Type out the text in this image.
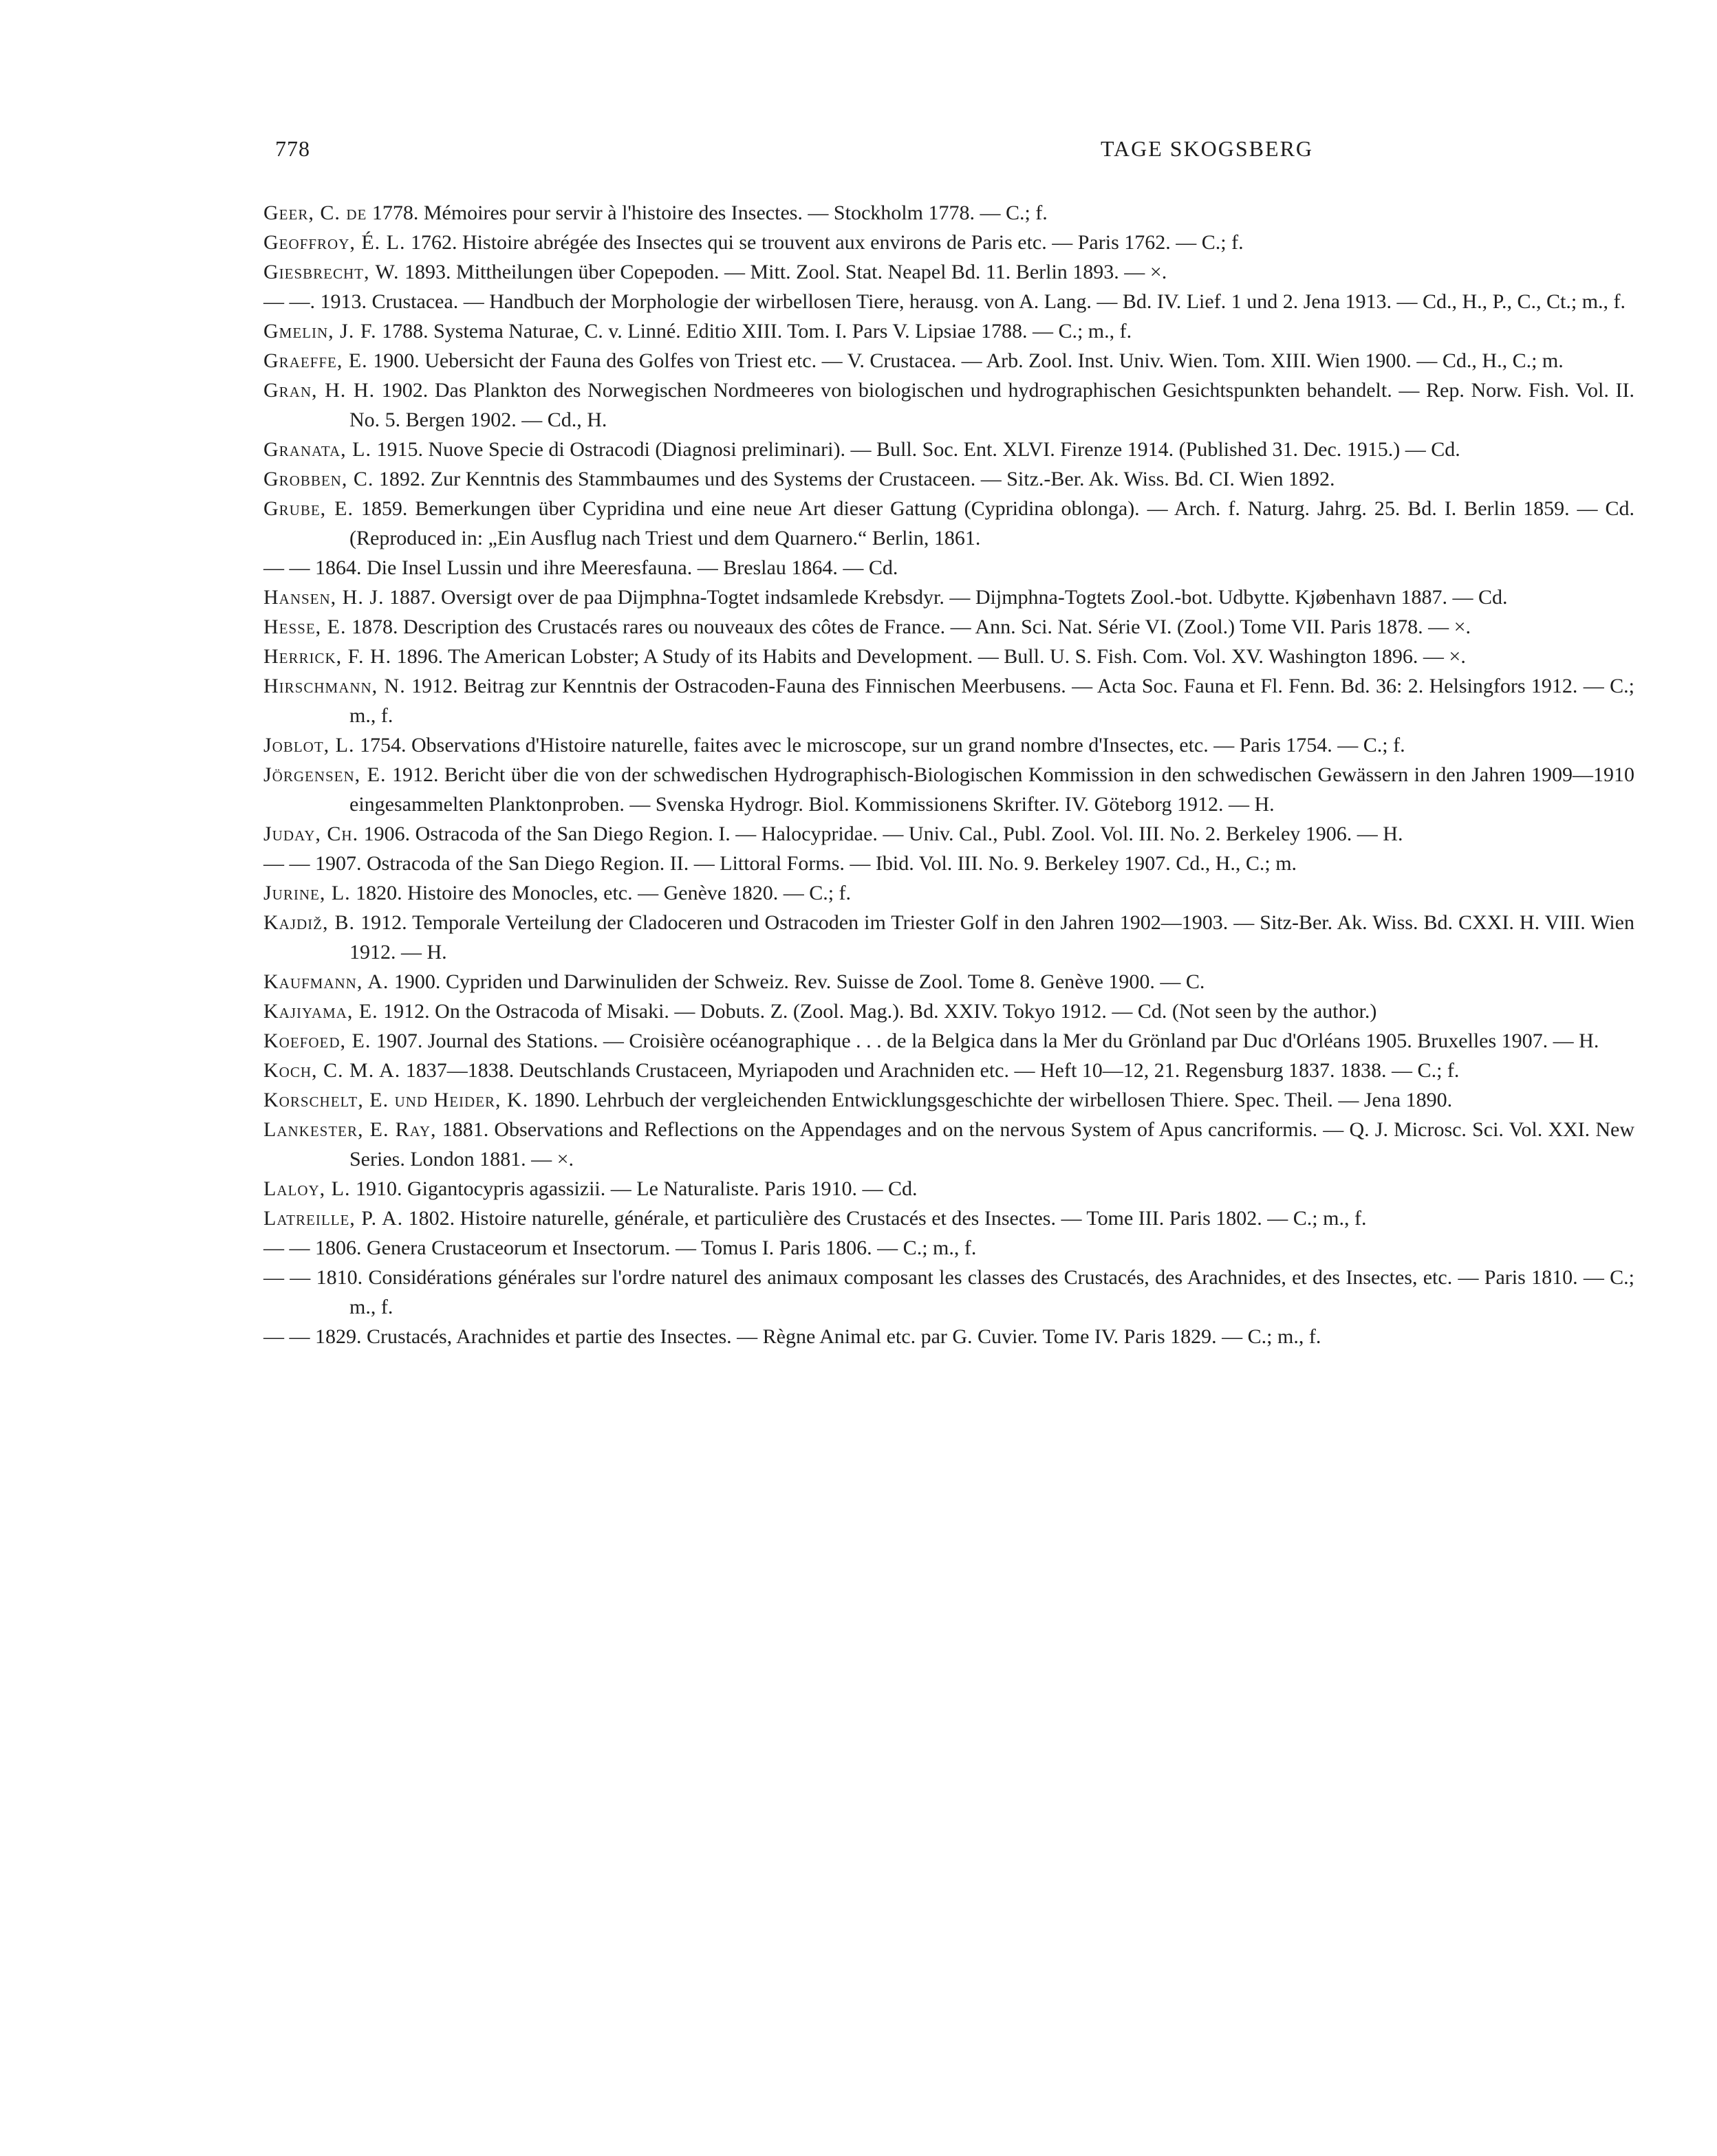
778	TAGE SKOGSBERG

Geer, C. de 1778. Mémoires pour servir à l'histoire des Insectes. — Stockholm 1778. — C.; f.

Geoffroy, É. L. 1762. Histoire abrégée des Insectes qui se trouvent aux environs de Paris etc. — Paris 1762. — C.; f.

Giesbrecht, W. 1893. Mittheilungen über Copepoden. — Mitt. Zool. Stat. Neapel Bd. 11. Berlin 1893. — ×.

— —. 1913. Crustacea. — Handbuch der Morphologie der wirbellosen Tiere, herausg. von A. Lang. — Bd. IV. Lief. 1 und 2. Jena 1913. — Cd., H., P., C., Ct.; m., f.

Gmelin, J. F. 1788. Systema Naturae, C. v. Linné. Editio XIII. Tom. I. Pars V. Lipsiae 1788. — C.; m., f.

Graeffe, E. 1900. Uebersicht der Fauna des Golfes von Triest etc. — V. Crustacea. — Arb. Zool. Inst. Univ. Wien. Tom. XIII. Wien 1900. — Cd., H., C.; m.

Gran, H. H. 1902. Das Plankton des Norwegischen Nordmeeres von biologischen und hydrographischen Gesichtspunkten behandelt. — Rep. Norw. Fish. Vol. II. No. 5. Bergen 1902. — Cd., H.

Granata, L. 1915. Nuove Specie di Ostracodi (Diagnosi preliminari). — Bull. Soc. Ent. XLVI. Firenze 1914. (Published 31. Dec. 1915.) — Cd.

Grobben, C. 1892. Zur Kenntnis des Stammbaumes und des Systems der Crustaceen. — Sitz.-Ber. Ak. Wiss. Bd. CI. Wien 1892.

Grube, E. 1859. Bemerkungen über Cypridina und eine neue Art dieser Gattung (Cypridina oblonga). — Arch. f. Naturg. Jahrg. 25. Bd. I. Berlin 1859. — Cd. (Reproduced in: „Ein Ausflug nach Triest und dem Quarnero.“ Berlin, 1861.

— — 1864. Die Insel Lussin und ihre Meeresfauna. — Breslau 1864. — Cd.

Hansen, H. J. 1887. Oversigt over de paa Dijmphna-Togtet indsamlede Krebsdyr. — Dijmphna-Togtets Zool.-bot. Udbytte. Kjøbenhavn 1887. — Cd.

Hesse, E. 1878. Description des Crustacés rares ou nouveaux des côtes de France. — Ann. Sci. Nat. Série VI. (Zool.) Tome VII. Paris 1878. — ×.

Herrick, F. H. 1896. The American Lobster; A Study of its Habits and Development. — Bull. U. S. Fish. Com. Vol. XV. Washington 1896. — ×.

Hirschmann, N. 1912. Beitrag zur Kenntnis der Ostracoden-Fauna des Finnischen Meerbusens. — Acta Soc. Fauna et Fl. Fenn. Bd. 36: 2. Helsingfors 1912. — C.; m., f.

Joblot, L. 1754. Observations d'Histoire naturelle, faites avec le microscope, sur un grand nombre d'Insectes, etc. — Paris 1754. — C.; f.

Jörgensen, E. 1912. Bericht über die von der schwedischen Hydrographisch-Biologischen Kommission in den schwedischen Gewässern in den Jahren 1909—1910 eingesammelten Planktonproben. — Svenska Hydrogr. Biol. Kommissionens Skrifter. IV. Göteborg 1912. — H.

Juday, Ch. 1906. Ostracoda of the San Diego Region. I. — Halocypridae. — Univ. Cal., Publ. Zool. Vol. III. No. 2. Berkeley 1906. — H.

— — 1907. Ostracoda of the San Diego Region. II. — Littoral Forms. — Ibid. Vol. III. No. 9. Berkeley 1907. Cd., H., C.; m.

Jurine, L. 1820. Histoire des Monocles, etc. — Genève 1820. — C.; f.

Kajdiž, B. 1912. Temporale Verteilung der Cladoceren und Ostracoden im Triester Golf in den Jahren 1902—1903. — Sitz-Ber. Ak. Wiss. Bd. CXXI. H. VIII. Wien 1912. — H.

Kaufmann, A. 1900. Cypriden und Darwinuliden der Schweiz. Rev. Suisse de Zool. Tome 8. Genève 1900. — C.

Kajiyama, E. 1912. On the Ostracoda of Misaki. — Dobuts. Z. (Zool. Mag.). Bd. XXIV. Tokyo 1912. — Cd. (Not seen by the author.)

Koefoed, E. 1907. Journal des Stations. — Croisière océanographique . . . de la Belgica dans la Mer du Grönland par Duc d'Orléans 1905. Bruxelles 1907. — H.

Koch, C. M. A. 1837—1838. Deutschlands Crustaceen, Myriapoden und Arachniden etc. — Heft 10—12, 21. Regensburg 1837. 1838. — C.; f.

Korschelt, E. und Heider, K. 1890. Lehrbuch der vergleichenden Entwicklungsgeschichte der wirbellosen Thiere. Spec. Theil. — Jena 1890.

Lankester, E. Ray, 1881. Observations and Reflections on the Appendages and on the nervous System of Apus cancriformis. — Q. J. Microsc. Sci. Vol. XXI. New Series. London 1881. — ×.

Laloy, L. 1910. Gigantocypris agassizii. — Le Naturaliste. Paris 1910. — Cd.

Latreille, P. A. 1802. Histoire naturelle, générale, et particulière des Crustacés et des Insectes. — Tome III. Paris 1802. — C.; m., f.

— — 1806. Genera Crustaceorum et Insectorum. — Tomus I. Paris 1806. — C.; m., f.

— — 1810. Considérations générales sur l'ordre naturel des animaux composant les classes des Crustacés, des Arachnides, et des Insectes, etc. — Paris 1810. — C.; m., f.

— — 1829. Crustacés, Arachnides et partie des Insectes. — Règne Animal etc. par G. Cuvier. Tome IV. Paris 1829. — C.; m., f.
